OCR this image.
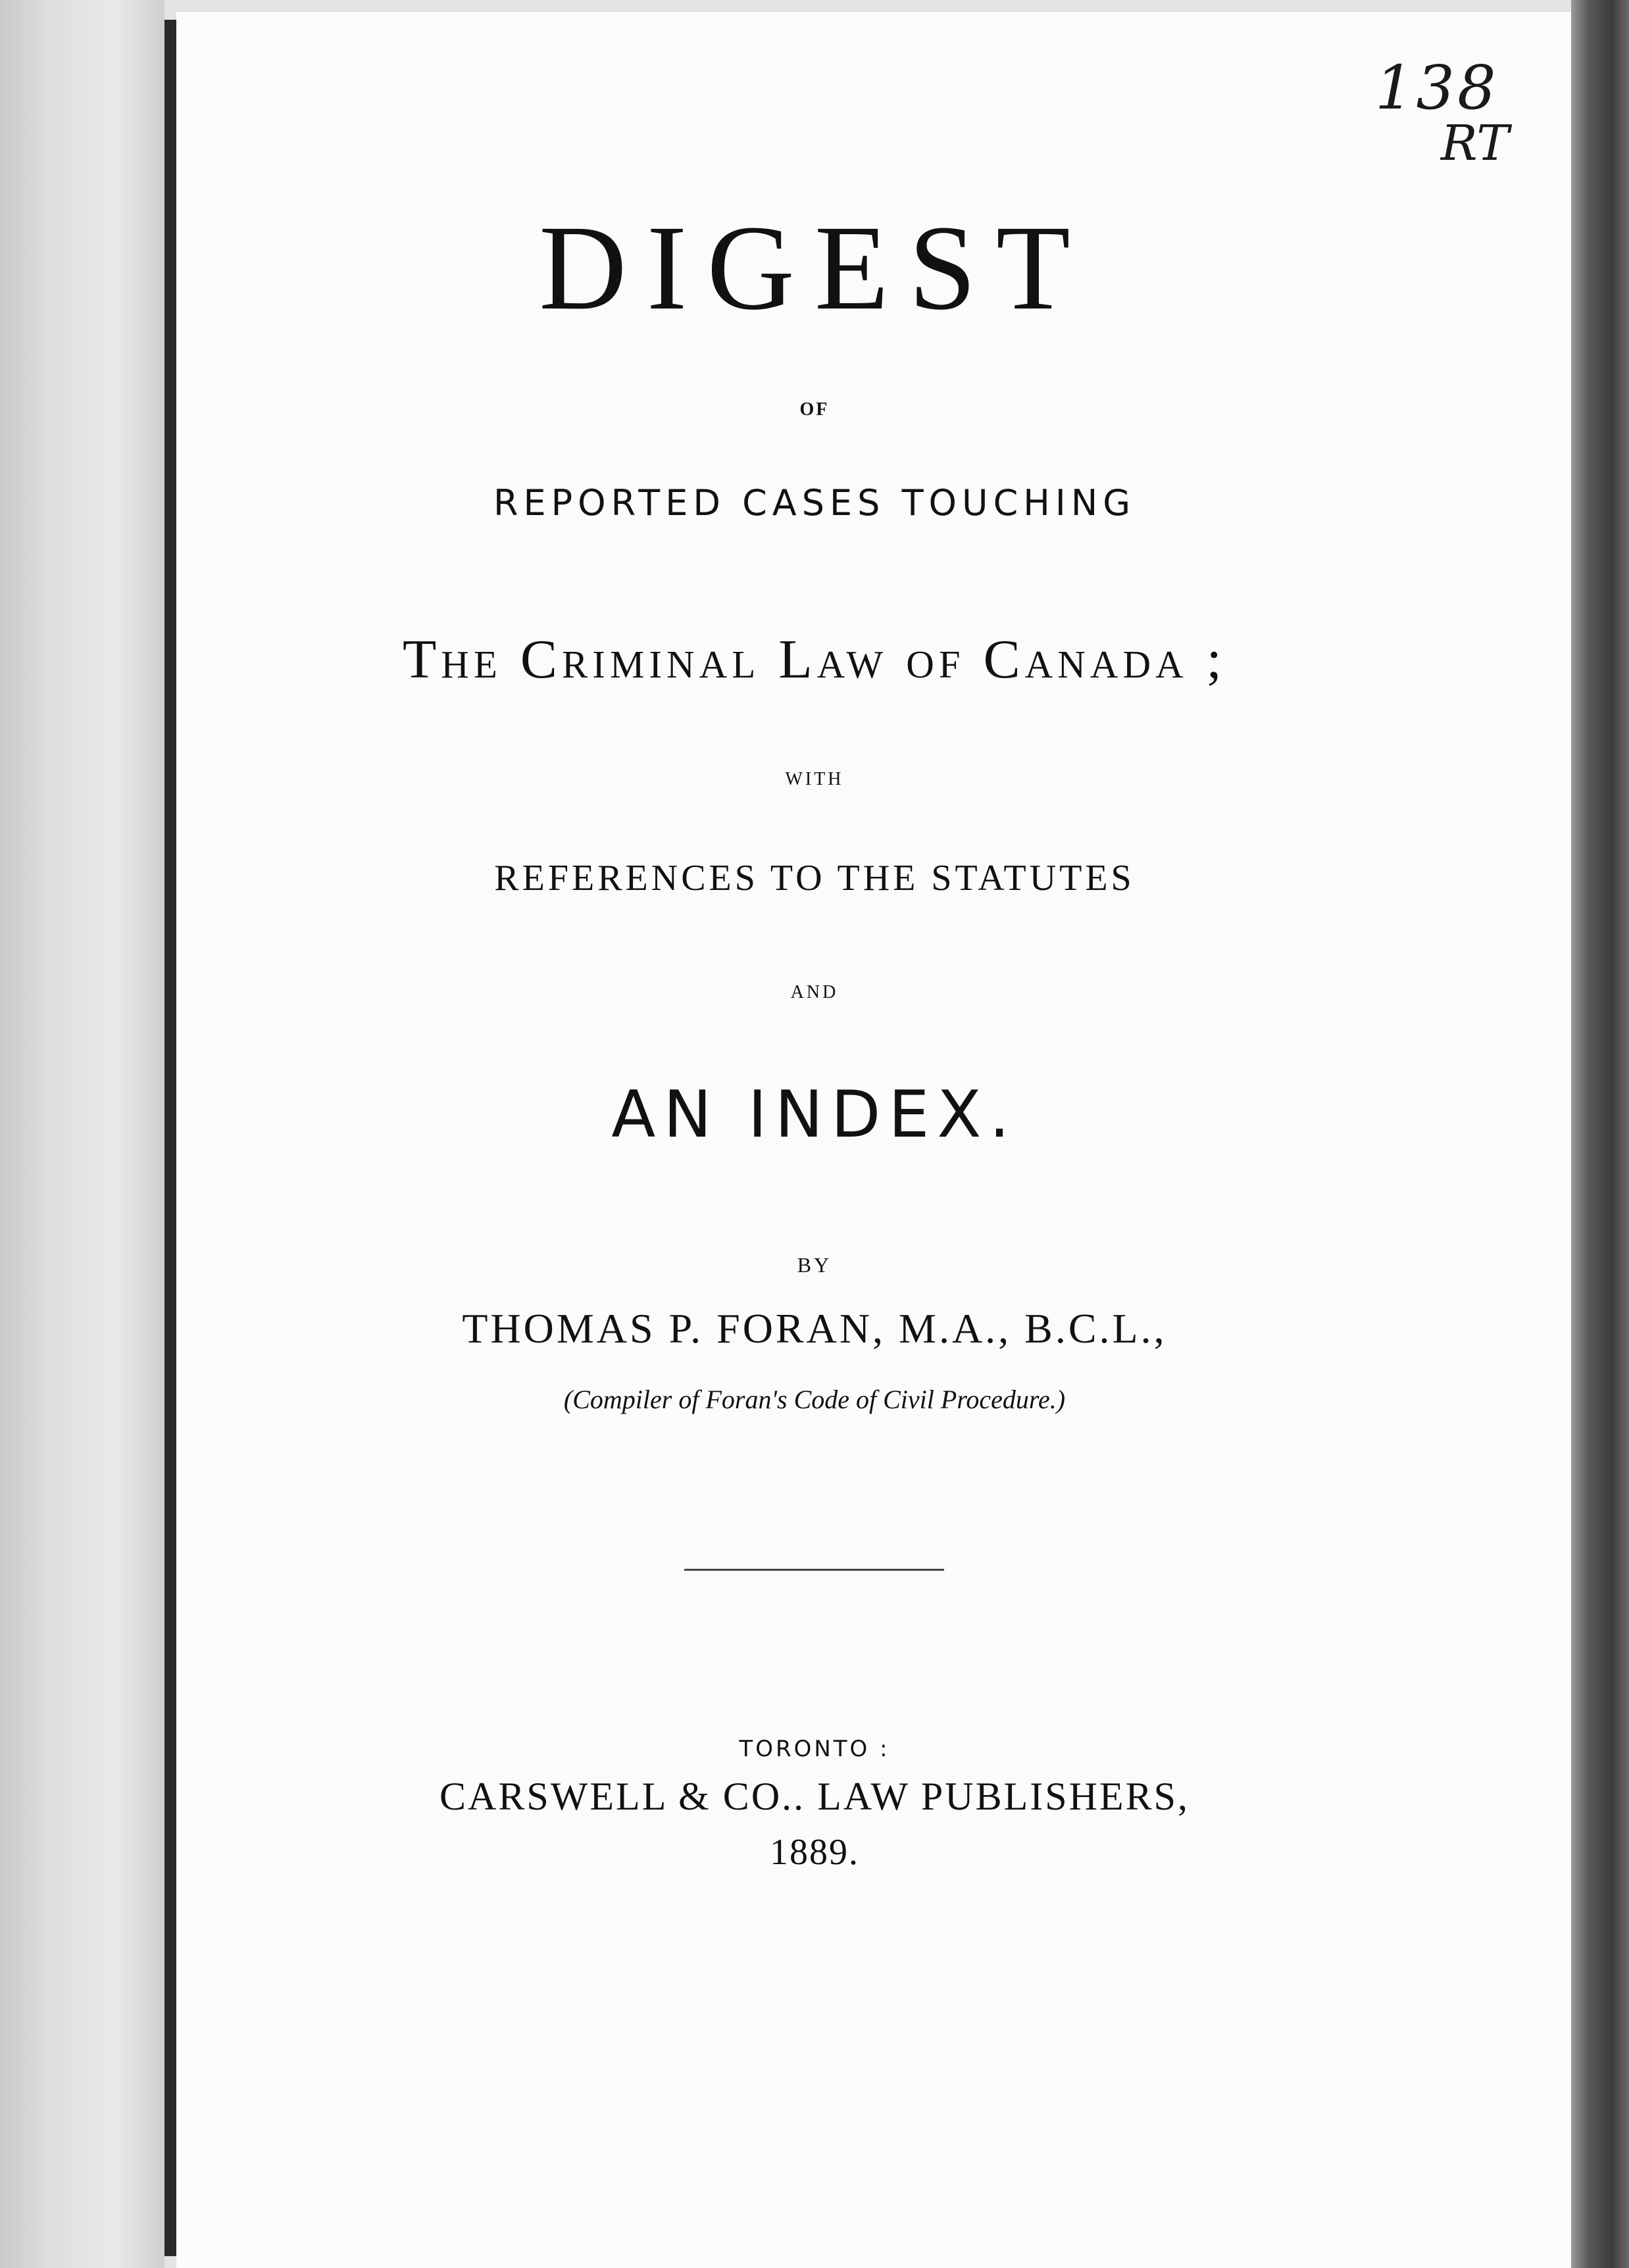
138
RT
DIGEST
OF
REPORTED CASES TOUCHING
The Criminal Law of Canada ;
WITH
REFERENCES TO THE STATUTES
AND
AN INDEX.
BY
THOMAS P. FORAN, M.A., B.C.L.,
(Compiler of Foran's Code of Civil Procedure.)
TORONTO :
CARSWELL & CO.. LAW PUBLISHERS,
1889.
